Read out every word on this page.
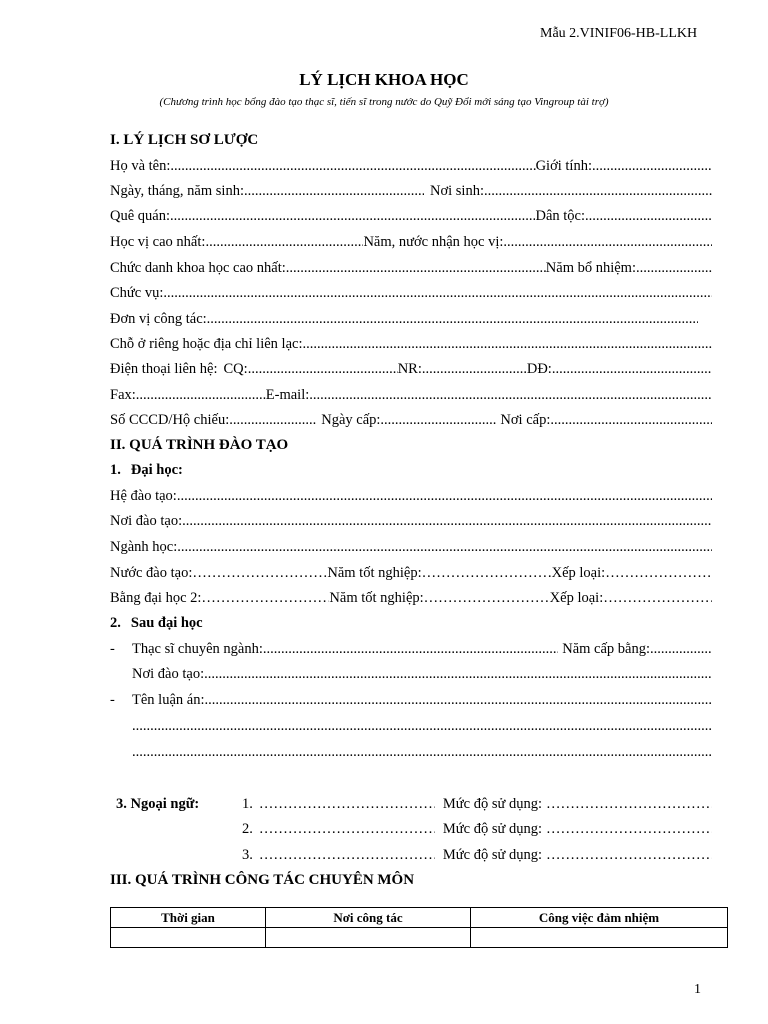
Mẫu 2.VINIF06-HB-LLKH
LÝ LỊCH KHOA HỌC
(Chương trình học bổng đào tạo thạc sĩ, tiến sĩ trong nước do Quỹ Đổi mới sáng tạo Vingroup tài trợ)
I. LÝ LỊCH SƠ LƯỢC
Họ và tên: .....	Giới tính:
.....
Ngày, tháng, năm sinh: .....	Nơi sinh:
.....
Quê quán: .....	Dân tộc:
.....
Học vị cao nhất: .....	Năm, nước nhận học vị:
.....
Chức danh khoa học cao nhất: .....	Năm bổ nhiệm:
.....
Chức vụ:
.....
Đơn vị công tác:
.....
Chỗ ở riêng hoặc địa chỉ liên lạc:
.....
Điện thoại liên hệ: CQ: .....	NR: .....	DĐ:
.....
Fax: .....	E-mail:
.....
Số CCCD/Hộ chiếu: .....	Ngày cấp: .....	Nơi cấp:
.....
II. QUÁ TRÌNH ĐÀO TẠO
1. Đại học:
Hệ đào tạo:
.....
Nơi đào tạo:
.....
Ngành học:
.....
Nước đào tạo: …………………………………………………………………………………………………………………………………………………………	Năm tốt nghiệp: …………………………………………………………………………………………………………………………………………………………	Xếp loại:
…………………………………………………………………………………………………………………………………………………………
Bằng đại học 2: …………………………………………………………………………………………………………………………………………………………	Năm tốt nghiệp: …………………………………………………………………………………………………………………………………………………………	Xếp loại:
…………………………………………………………………………………………………………………………………………………………
2. Sau đại học
-	Thạc sĩ chuyên ngành: .....	Năm cấp bằng:
.....
Nơi đào tạo:
.....
-	Tên luận án:
.....
.....
.....
3. Ngoại ngữ:	1. …………………………………………………………………………………………………………………………………………………………	Mức độ sử dụng:
…………………………………………………………………………………………………………………………………………………………
2. …………………………………………………………………………………………………………………………………………………………	Mức độ sử dụng:
…………………………………………………………………………………………………………………………………………………………
3. …………………………………………………………………………………………………………………………………………………………	Mức độ sử dụng:
…………………………………………………………………………………………………………………………………………………………
III. QUÁ TRÌNH CÔNG TÁC CHUYÊN MÔN
Thời gian	Nơi công tác	Công việc đảm nhiệm

1
